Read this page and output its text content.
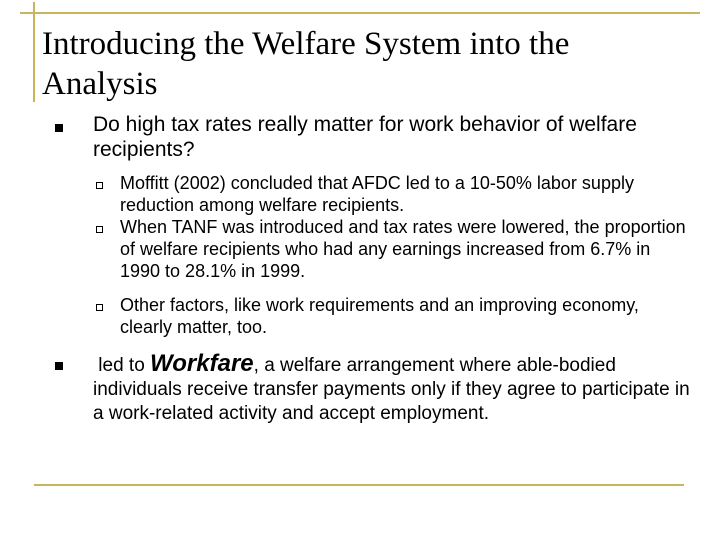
Introducing the Welfare System into the Analysis
Do high tax rates really matter for work behavior of welfare recipients?
Moffitt (2002) concluded that AFDC led to a 10-50% labor supply reduction among welfare recipients.
When TANF was introduced and tax rates were lowered, the proportion of welfare recipients who had any earnings increased from 6.7% in 1990 to 28.1% in 1999.
Other factors, like work requirements and an improving economy, clearly matter, too.
led to Workfare, a welfare arrangement where able-bodied individuals receive transfer payments only if they agree to participate in a work-related activity and accept employment.
